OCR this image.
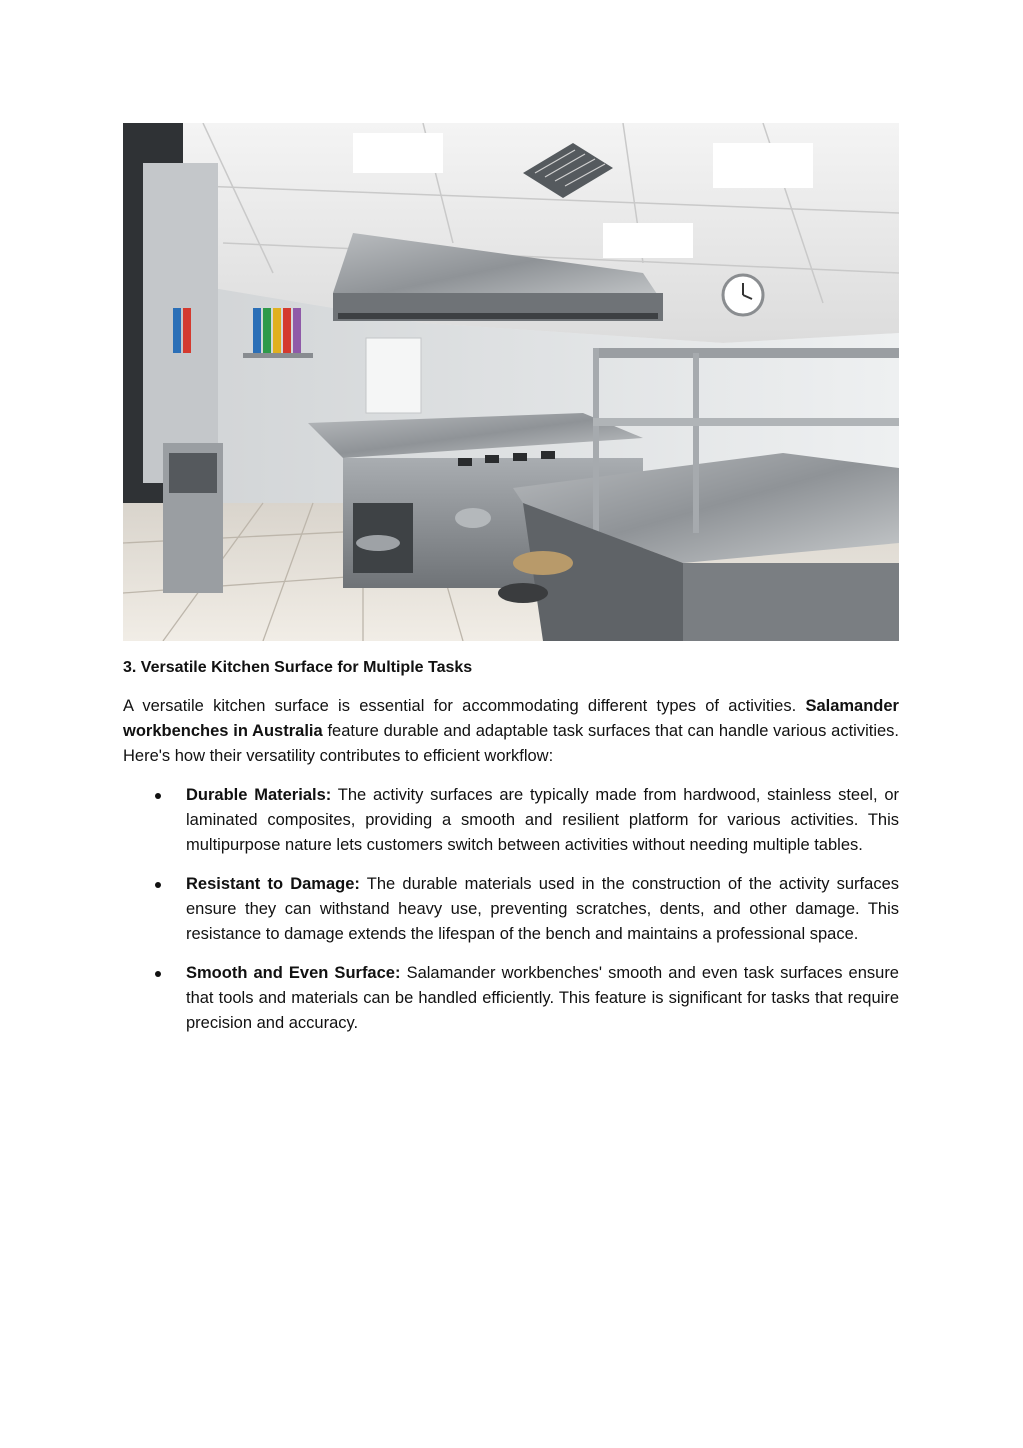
3. Versatile Kitchen Surface for Multiple Tasks

A versatile kitchen surface is essential for accommodating different types of activities. Salamander workbenches in Australia feature durable and adaptable task surfaces that can handle various activities. Here's how their versatility contributes to efficient workflow:

Durable Materials: The activity surfaces are typically made from hardwood, stainless steel, or laminated composites, providing a smooth and resilient platform for various activities. This multipurpose nature lets customers switch between activities without needing multiple tables.
Resistant to Damage: The durable materials used in the construction of the activity surfaces ensure they can withstand heavy use, preventing scratches, dents, and other damage. This resistance to damage extends the lifespan of the bench and maintains a professional space.
Smooth and Even Surface: Salamander workbenches' smooth and even task surfaces ensure that tools and materials can be handled efficiently. This feature is significant for tasks that require precision and accuracy.
